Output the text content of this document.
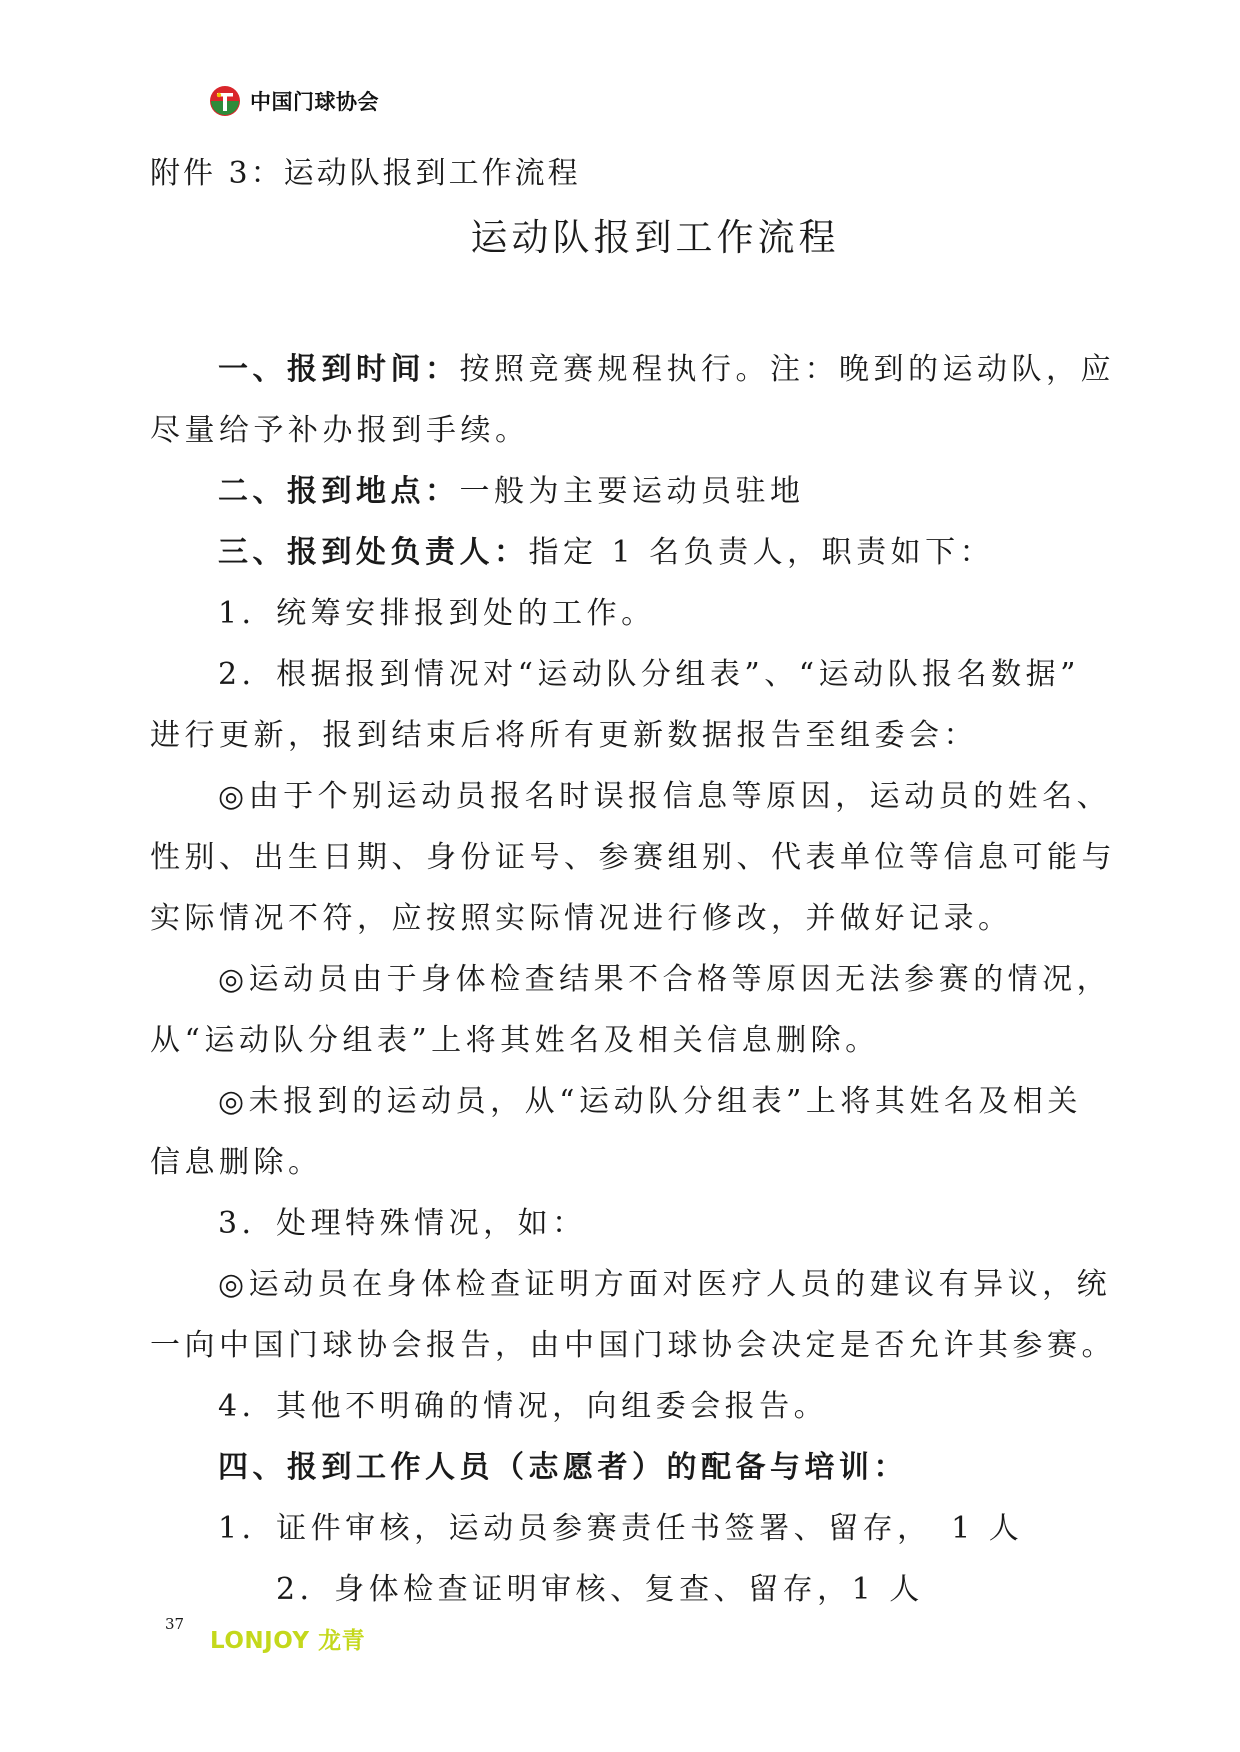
中国门球协会
附件 3：运动队报到工作流程
运动队报到工作流程
一、报到时间：按照竞赛规程执行。注：晚到的运动队，应
尽量给予补办报到手续。
二、报到地点：一般为主要运动员驻地
三、报到处负责人：指定 1 名负责人，职责如下：
1．统筹安排报到处的工作。
2．根据报到情况对“运动队分组表”、“运动队报名数据”
进行更新，报到结束后将所有更新数据报告至组委会：
◎由于个别运动员报名时误报信息等原因，运动员的姓名、
性别、出生日期、身份证号、参赛组别、代表单位等信息可能与
实际情况不符，应按照实际情况进行修改，并做好记录。
◎运动员由于身体检查结果不合格等原因无法参赛的情况，
从“运动队分组表”上将其姓名及相关信息删除。
◎未报到的运动员，从“运动队分组表”上将其姓名及相关
信息删除。
3．处理特殊情况，如：
◎运动员在身体检查证明方面对医疗人员的建议有异议，统
一向中国门球协会报告，由中国门球协会决定是否允许其参赛。
4．其他不明确的情况，向组委会报告。
四、报到工作人员（志愿者）的配备与培训：
1．证件审核，运动员参赛责任书签署、留存，　1 人
2．身体检查证明审核、复查、留存，1 人
37
LONJOY 龙青
